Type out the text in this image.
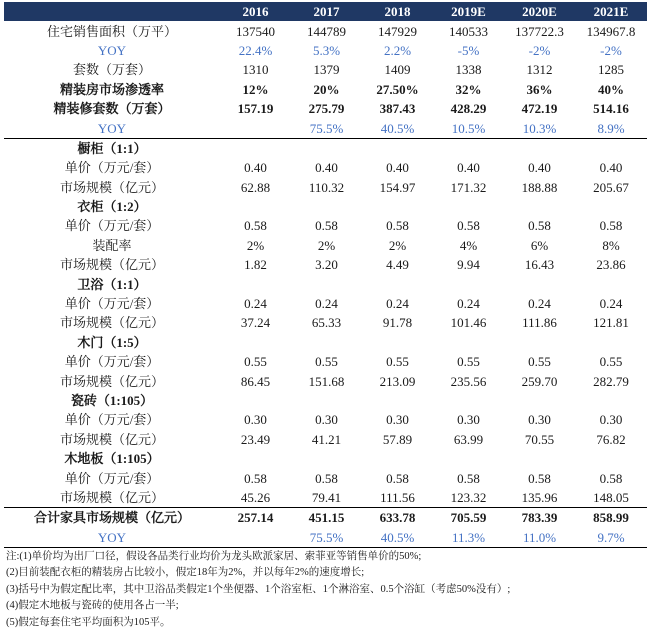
	2016	2017	2018	2019E	2020E	2021E
住宅销售面积（万平）	137540	144789	147929	140533	137722.3	134967.8
YOY	22.4%	5.3%	2.2%	-5%	-2%	-2%
套数（万套）	1310	1379	1409	1338	1312	1285
精装房市场渗透率	12%	20%	27.50%	32%	36%	40%
精装修套数（万套）	157.19	275.79	387.43	428.29	472.19	514.16
YOY		75.5%	40.5%	10.5%	10.3%	8.9%
橱柜（1:1）						
单价（万元/套）	0.40	0.40	0.40	0.40	0.40	0.40
市场规模（亿元）	62.88	110.32	154.97	171.32	188.88	205.67
衣柜（1:2）						
单价（万元/套）	0.58	0.58	0.58	0.58	0.58	0.58
装配率	2%	2%	2%	4%	6%	8%
市场规模（亿元）	1.82	3.20	4.49	9.94	16.43	23.86
卫浴（1:1）						
单价（万元/套）	0.24	0.24	0.24	0.24	0.24	0.24
市场规模（亿元）	37.24	65.33	91.78	101.46	111.86	121.81
木门（1:5）						
单价（万元/套）	0.55	0.55	0.55	0.55	0.55	0.55
市场规模（亿元）	86.45	151.68	213.09	235.56	259.70	282.79
瓷砖（1:105）						
单价（万元/套）	0.30	0.30	0.30	0.30	0.30	0.30
市场规模（亿元）	23.49	41.21	57.89	63.99	70.55	76.82
木地板（1:105）						
单价（万元/套）	0.58	0.58	0.58	0.58	0.58	0.58
市场规模（亿元）	45.26	79.41	111.56	123.32	135.96	148.05
合计家具市场规模（亿元）	257.14	451.15	633.78	705.59	783.39	858.99
YOY		75.5%	40.5%	11.3%	11.0%	9.7%
注:(1)单价均为出厂口径，假设各品类行业均价为龙头欧派家居、索菲亚等销售单价的50%;
(2)目前装配衣柜的精装房占比较小，假定18年为2%，并以每年2%的速度增长;
(3)括号中为假定配比率，其中卫浴品类假定1个坐便器、1个浴室柜、1个淋浴室、0.5个浴缸（考虑50%没有）;
(4)假定木地板与瓷砖的使用各占一半;
(5)假定每套住宅平均面积为105平。
